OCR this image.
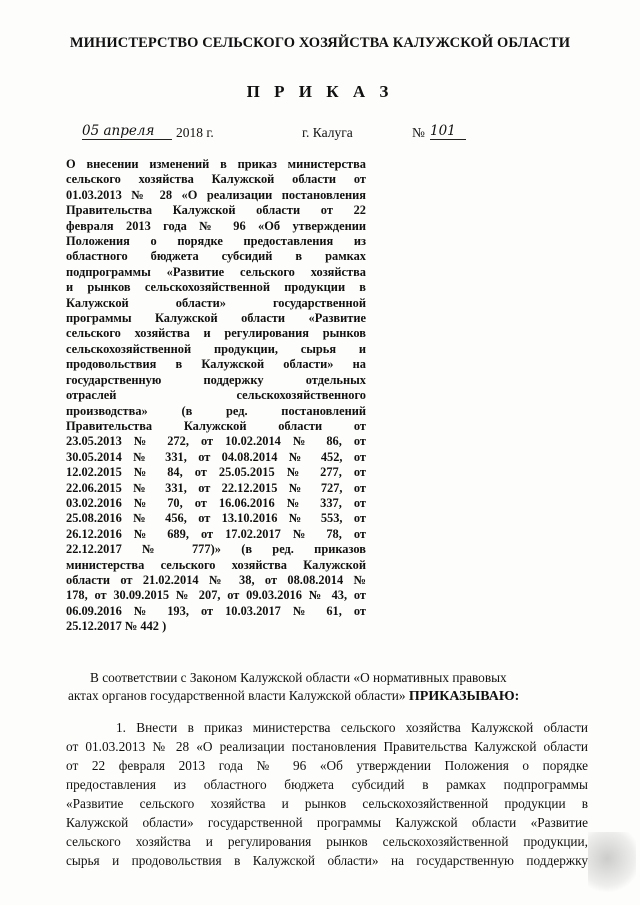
МИНИСТЕРСТВО СЕЛЬСКОГО ХОЗЯЙСТВА КАЛУЖСКОЙ ОБЛАСТИ
П Р И К А З
05 апреля	2018 г.	г. Калуга	№ 101
О внесении изменений в приказ министерства
сельского хозяйства Калужской области от
01.03.2013 № 28 «О реализации постановления
Правительства Калужской области от 22
февраля 2013 года № 96 «Об утверждении
Положения о порядке предоставления из
областного бюджета субсидий в рамках
подпрограммы «Развитие сельского хозяйства
и рынков сельскохозяйственной продукции в
Калужской области» государственной
программы Калужской области «Развитие
сельского хозяйства и регулирования рынков
сельскохозяйственной продукции, сырья и
продовольствия в Калужской области» на
государственную поддержку отдельных
отраслей сельскохозяйственного
производства» (в ред. постановлений
Правительства Калужской области от
23.05.2013 № 272, от 10.02.2014 № 86, от
30.05.2014 № 331, от 04.08.2014 № 452, от
12.02.2015 № 84, от 25.05.2015 № 277, от
22.06.2015 № 331, от 22.12.2015 № 727, от
03.02.2016 № 70, от 16.06.2016 № 337, от
25.08.2016 № 456, от 13.10.2016 № 553, от
26.12.2016 № 689, от 17.02.2017 № 78, от
22.12.2017 № 777)» (в ред. приказов
министерства сельского хозяйства Калужской
области от 21.02.2014 № 38, от 08.08.2014 №
178, от 30.09.2015 № 207, от 09.03.2016 № 43, от
06.09.2016 № 193, от 10.03.2017 № 61, от
25.12.2017 № 442 )
В соответствии с Законом Калужской области «О нормативных правовых
актах органов государственной власти Калужской области» ПРИКАЗЫВАЮ:
1. Внести в приказ министерства сельского хозяйства Калужской области
от 01.03.2013 № 28 «О реализации постановления Правительства Калужской области
от 22 февраля 2013 года № 96 «Об утверждении Положения о порядке
предоставления из областного бюджета субсидий в рамках подпрограммы
«Развитие сельского хозяйства и рынков сельскохозяйственной продукции в
Калужской области» государственной программы Калужской области «Развитие
сельского хозяйства и регулирования рынков сельскохозяйственной продукции,
сырья и продовольствия в Калужской области» на государственную поддержку
